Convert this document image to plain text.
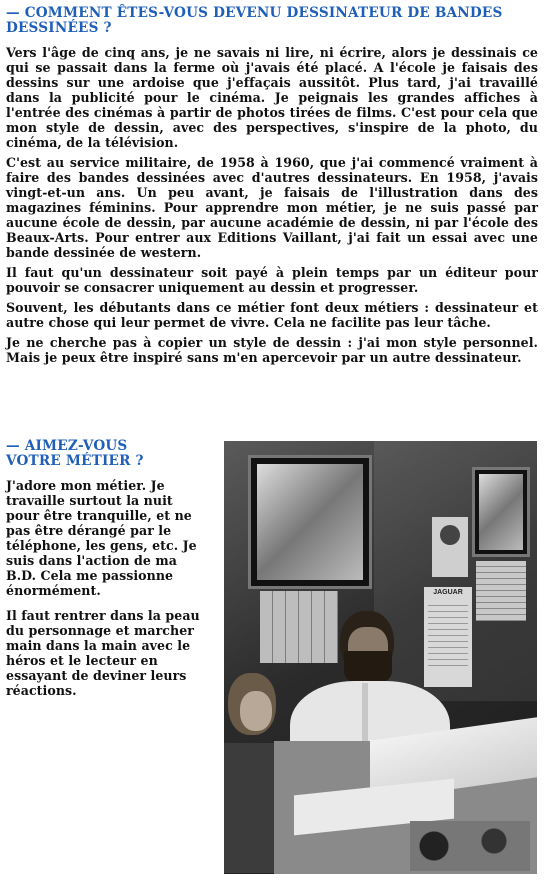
— COMMENT ÊTES-VOUS DEVENU DESSINATEUR DE BANDES DESSINÉES ?

Vers l'âge de cinq ans, je ne savais ni lire, ni écrire, alors je dessinais ce qui se passait dans la ferme où j'avais été placé. A l'école je faisais des dessins sur une ardoise que j'effaçais aussitôt. Plus tard, j'ai travaillé dans la publicité pour le cinéma. Je peignais les grandes affiches à l'entrée des cinémas à partir de photos tirées de films. C'est pour cela que mon style de dessin, avec des perspectives, s'inspire de la photo, du cinéma, de la télévision.

C'est au service militaire, de 1958 à 1960, que j'ai commencé vraiment à faire des bandes dessinées avec d'autres dessinateurs. En 1958, j'avais vingt-et-un ans. Un peu avant, je faisais de l'illustration dans des magazines féminins. Pour apprendre mon métier, je ne suis passé par aucune école de dessin, par aucune académie de dessin, ni par l'école des Beaux-Arts. Pour entrer aux Editions Vaillant, j'ai fait un essai avec une bande dessinée de western.

Il faut qu'un dessinateur soit payé à plein temps par un éditeur pour pouvoir se consacrer uniquement au dessin et progresser.

Souvent, les débutants dans ce métier font deux métiers : dessinateur et autre chose qui leur permet de vivre. Cela ne facilite pas leur tâche.

Je ne cherche pas à copier un style de dessin : j'ai mon style personnel. Mais je peux être inspiré sans m'en apercevoir par un autre dessinateur.

— AIMEZ-VOUS
VOTRE MÉTIER ?

J'adore mon métier. Je travaille surtout la nuit pour être tranquille, et ne pas être dérangé par le téléphone, les gens, etc. Je suis dans l'action de ma B.D. Cela me passionne énormément.

Il faut rentrer dans la peau du personnage et marcher main dans la main avec le héros et le lecteur en essayant de deviner leurs réactions.

JAGUAR
